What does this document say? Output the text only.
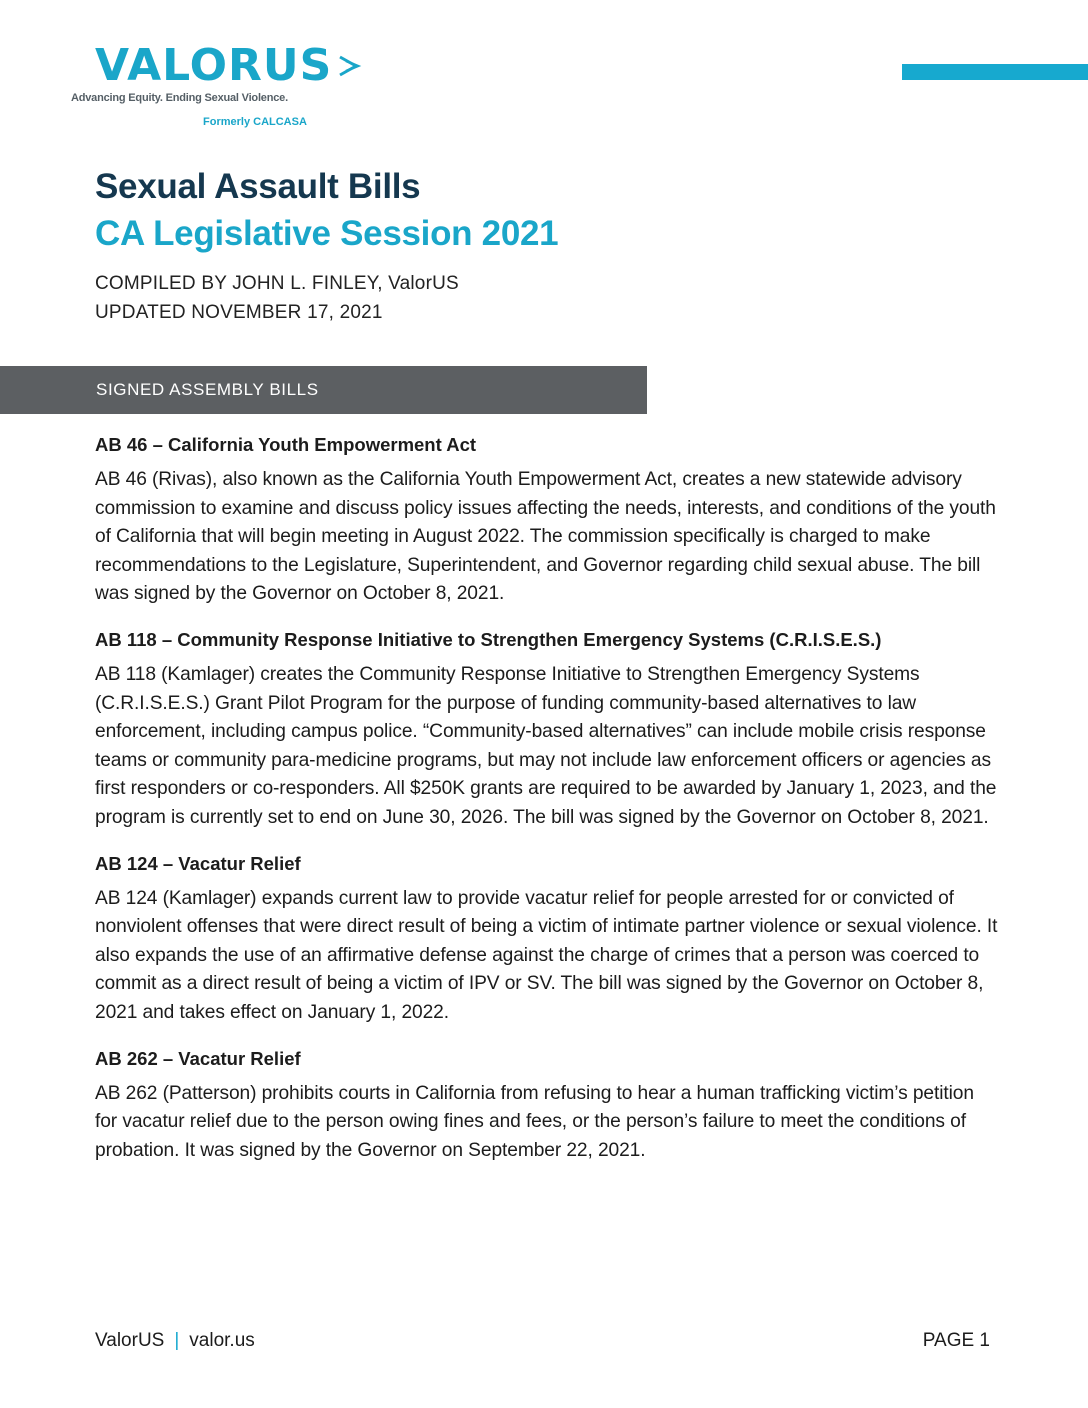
VALORUS
Advancing Equity. Ending Sexual Violence.
Formerly CALCASA
Sexual Assault Bills
CA Legislative Session 2021
COMPILED BY JOHN L. FINLEY, ValorUS
UPDATED NOVEMBER 17, 2021
SIGNED ASSEMBLY BILLS

AB 46 – California Youth Empowerment Act

AB 46 (Rivas), also known as the California Youth Empowerment Act, creates a new statewide advisory commission to examine and discuss policy issues affecting the needs, interests, and conditions of the youth of California that will begin meeting in August 2022. The commission specifically is charged to make recommendations to the Legislature, Superintendent, and Governor regarding child sexual abuse. The bill was signed by the Governor on October 8, 2021.

AB 118 – Community Response Initiative to Strengthen Emergency Systems (C.R.I.S.E.S.)

AB 118 (Kamlager) creates the Community Response Initiative to Strengthen Emergency Systems (C.R.I.S.E.S.) Grant Pilot Program for the purpose of funding community-based alternatives to law enforcement, including campus police. “Community-based alternatives” can include mobile crisis response teams or community para-medicine programs, but may not include law enforcement officers or agencies as first responders or co-responders. All $250K grants are required to be awarded by January 1, 2023, and the program is currently set to end on June 30, 2026. The bill was signed by the Governor on October 8, 2021.

AB 124 – Vacatur Relief

AB 124 (Kamlager) expands current law to provide vacatur relief for people arrested for or convicted of nonviolent offenses that were direct result of being a victim of intimate partner violence or sexual violence. It also expands the use of an affirmative defense against the charge of crimes that a person was coerced to commit as a direct result of being a victim of IPV or SV. The bill was signed by the Governor on October 8, 2021 and takes effect on January 1, 2022.

AB 262 – Vacatur Relief

AB 262 (Patterson) prohibits courts in California from refusing to hear a human trafficking victim’s petition for vacatur relief due to the person owing fines and fees, or the person’s failure to meet the conditions of probation. It was signed by the Governor on September 22, 2021.

ValorUS | valor.us	PAGE 1
